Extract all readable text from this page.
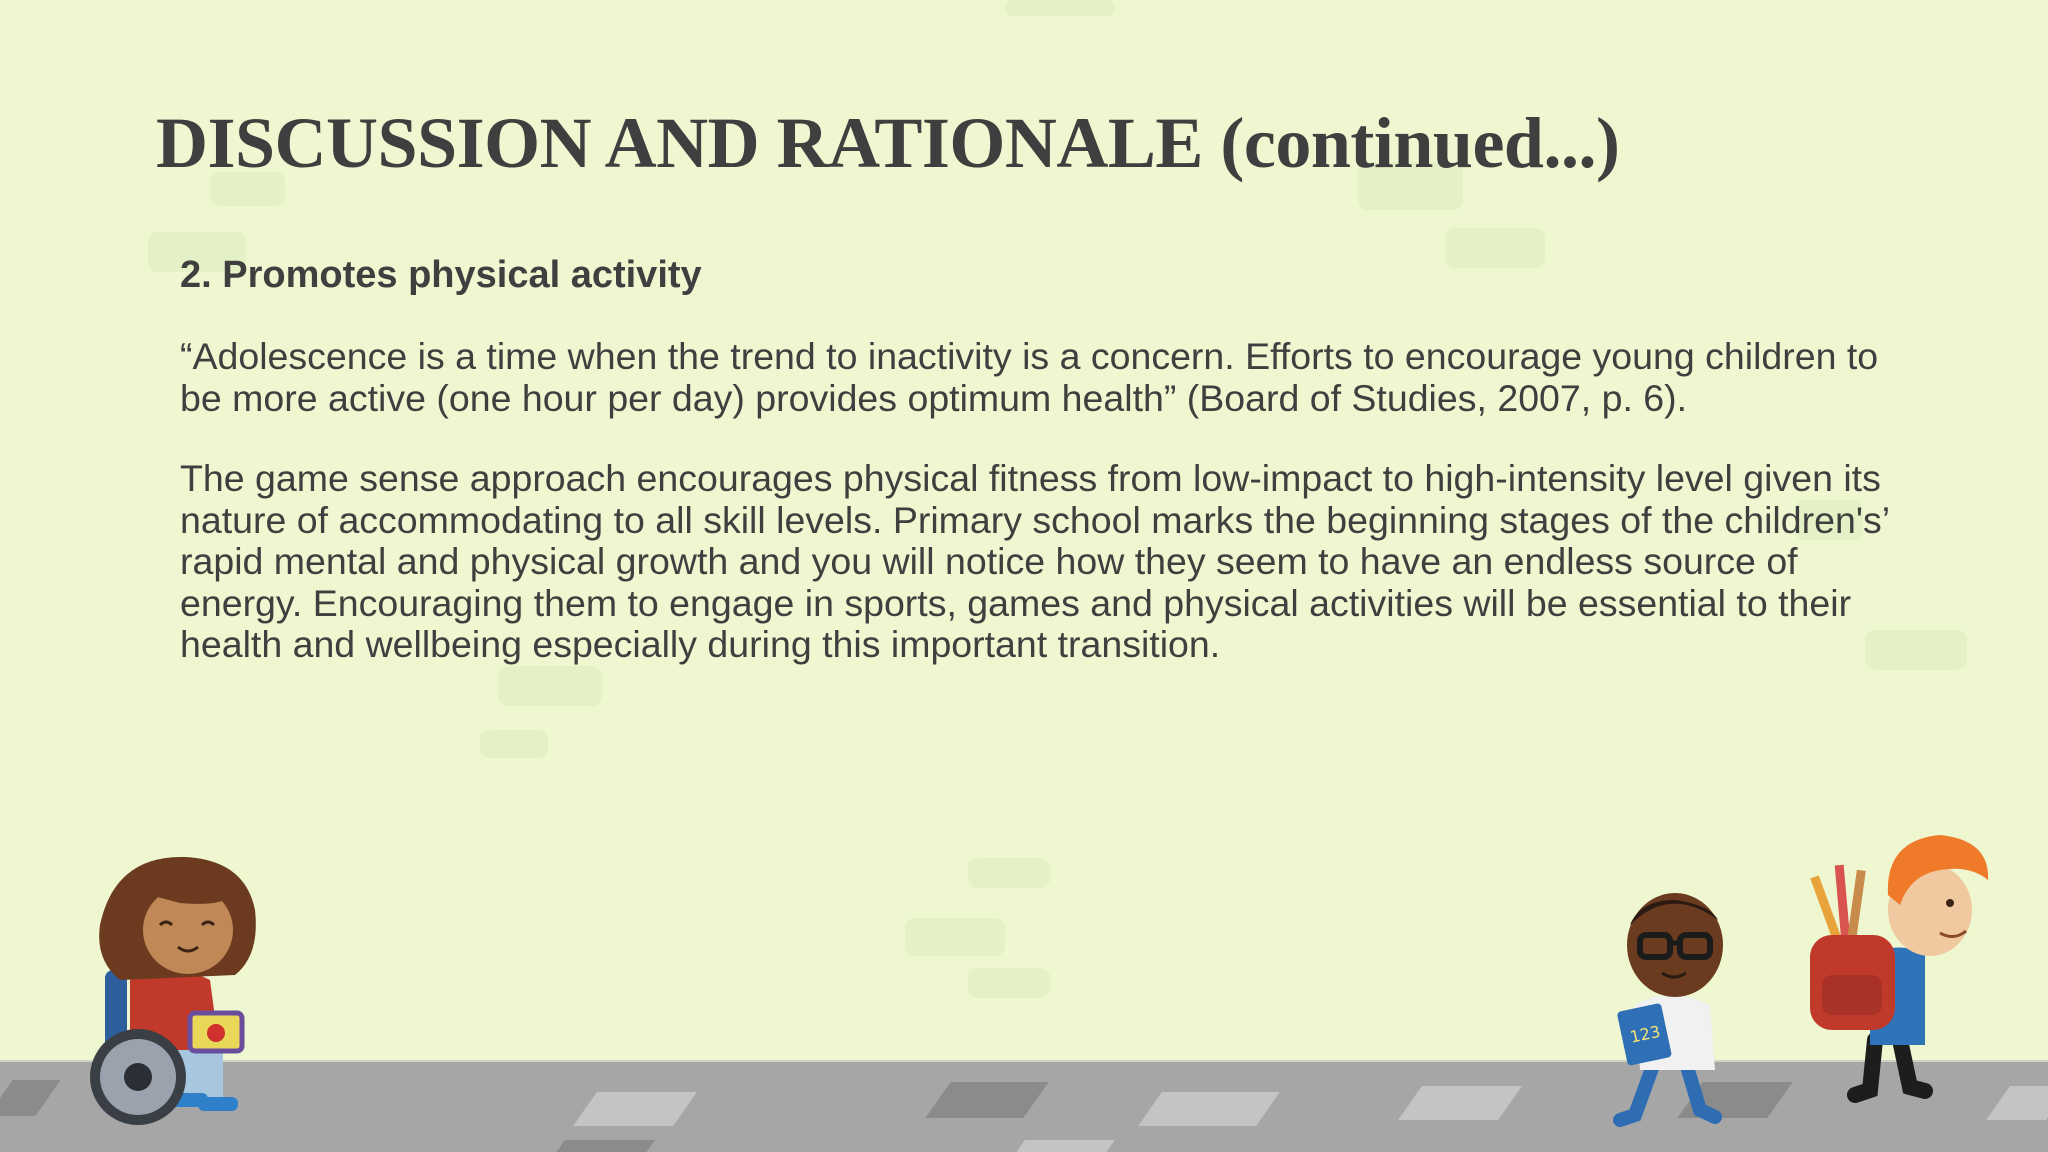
DISCUSSION AND RATIONALE (continued...)
2. Promotes physical activity

“Adolescence is a time when the trend to inactivity is a concern. Efforts to encourage young children to be more active (one hour per day) provides optimum health” (Board of Studies, 2007, p. 6).

The game sense approach encourages physical fitness from low-impact to high-intensity level given its nature of accommodating to all skill levels. Primary school marks the beginning stages of the children's’ rapid mental and physical growth and you will notice how they seem to have an endless source of energy. Encouraging them to engage in sports, games and physical activities will be essential to their health and wellbeing especially during this important transition.

123
